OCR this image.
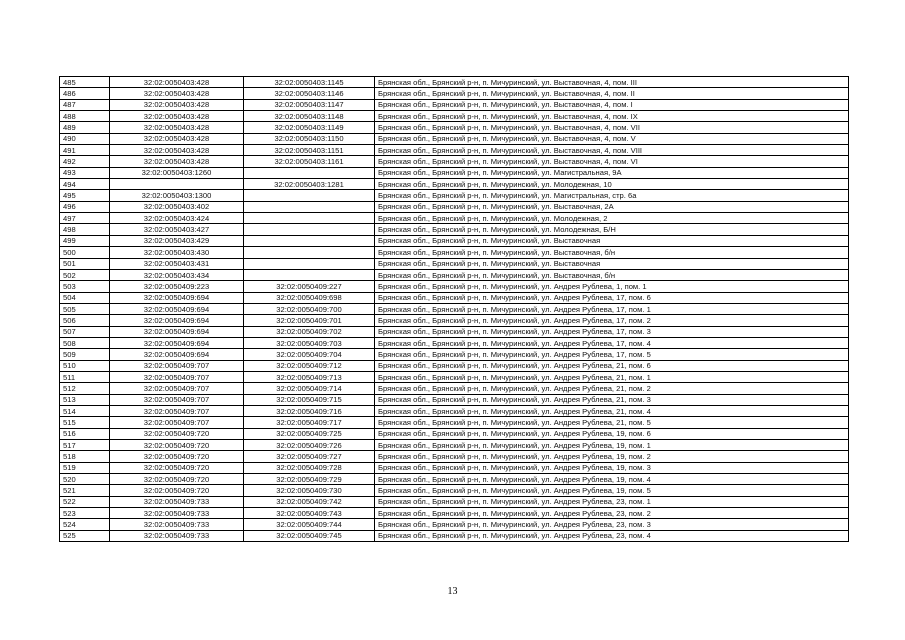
485	32:02:0050403:428	32:02:0050403:1145	Брянская обл., Брянский р-н, п. Мичуринский, ул. Выставочная, 4, пом. III
486	32:02:0050403:428	32:02:0050403:1146	Брянская обл., Брянский р-н, п. Мичуринский, ул. Выставочная, 4, пом. II
487	32:02:0050403:428	32:02:0050403:1147	Брянская обл., Брянский р-н, п. Мичуринский, ул. Выставочная, 4, пом. I
488	32:02:0050403:428	32:02:0050403:1148	Брянская обл., Брянский р-н, п. Мичуринский, ул. Выставочная, 4, пом. IX
489	32:02:0050403:428	32:02:0050403:1149	Брянская обл., Брянский р-н, п. Мичуринский, ул. Выставочная, 4, пом. VII
490	32:02:0050403:428	32:02:0050403:1150	Брянская обл., Брянский р-н, п. Мичуринский, ул. Выставочная, 4, пом. V
491	32:02:0050403:428	32:02:0050403:1151	Брянская обл., Брянский р-н, п. Мичуринский, ул. Выставочная, 4, пом. VIII
492	32:02:0050403:428	32:02:0050403:1161	Брянская обл., Брянский р-н, п. Мичуринский, ул. Выставочная, 4, пом. VI
493	32:02:0050403:1260		Брянская обл., Брянский р-н, п. Мичуринский, ул. Магистральная, 9А
494		32:02:0050403:1281	Брянская обл., Брянский р-н, п. Мичуринский, ул. Молодежная, 10
495	32:02:0050403:1300		Брянская обл., Брянский р-н, п. Мичуринский, ул. Магистральная, стр. 6а
496	32:02:0050403:402		Брянская обл., Брянский р-н, п. Мичуринский, ул. Выставочная, 2А
497	32:02:0050403:424		Брянская обл., Брянский р-н, п. Мичуринский, ул. Молодежная, 2
498	32:02:0050403:427		Брянская обл., Брянский р-н, п. Мичуринский, ул. Молодежная, Б/Н
499	32:02:0050403:429		Брянская обл., Брянский р-н, п. Мичуринский, ул. Выставочная
500	32:02:0050403:430		Брянская обл., Брянский р-н, п. Мичуринский, ул. Выставочная, б/н
501	32:02:0050403:431		Брянская обл., Брянский р-н, п. Мичуринский, ул. Выставочная
502	32:02:0050403:434		Брянская обл., Брянский р-н, п. Мичуринский, ул. Выставочная, б/н
503	32:02:0050409:223	32:02:0050409:227	Брянская обл., Брянский р-н, п. Мичуринский, ул. Андрея Рублева, 1, пом. 1
504	32:02:0050409:694	32:02:0050409:698	Брянская обл., Брянский р-н, п. Мичуринский, ул. Андрея Рублева, 17, пом. 6
505	32:02:0050409:694	32:02:0050409:700	Брянская обл., Брянский р-н, п. Мичуринский, ул. Андрея Рублева, 17, пом. 1
506	32:02:0050409:694	32:02:0050409:701	Брянская обл., Брянский р-н, п. Мичуринский, ул. Андрея Рублева, 17, пом. 2
507	32:02:0050409:694	32:02:0050409:702	Брянская обл., Брянский р-н, п. Мичуринский, ул. Андрея Рублева, 17, пом. 3
508	32:02:0050409:694	32:02:0050409:703	Брянская обл., Брянский р-н, п. Мичуринский, ул. Андрея Рублева, 17, пом. 4
509	32:02:0050409:694	32:02:0050409:704	Брянская обл., Брянский р-н, п. Мичуринский, ул. Андрея Рублева, 17, пом. 5
510	32:02:0050409:707	32:02:0050409:712	Брянская обл., Брянский р-н, п. Мичуринский, ул. Андрея Рублева, 21, пом. 6
511	32:02:0050409:707	32:02:0050409:713	Брянская обл., Брянский р-н, п. Мичуринский, ул. Андрея Рублева, 21, пом. 1
512	32:02:0050409:707	32:02:0050409:714	Брянская обл., Брянский р-н, п. Мичуринский, ул. Андрея Рублева, 21, пом. 2
513	32:02:0050409:707	32:02:0050409:715	Брянская обл., Брянский р-н, п. Мичуринский, ул. Андрея Рублева, 21, пом. 3
514	32:02:0050409:707	32:02:0050409:716	Брянская обл., Брянский р-н, п. Мичуринский, ул. Андрея Рублева, 21, пом. 4
515	32:02:0050409:707	32:02:0050409:717	Брянская обл., Брянский р-н, п. Мичуринский, ул. Андрея Рублева, 21, пом. 5
516	32:02:0050409:720	32:02:0050409:725	Брянская обл., Брянский р-н, п. Мичуринский, ул. Андрея Рублева, 19, пом. 6
517	32:02:0050409:720	32:02:0050409:726	Брянская обл., Брянский р-н, п. Мичуринский, ул. Андрея Рублева, 19, пом. 1
518	32:02:0050409:720	32:02:0050409:727	Брянская обл., Брянский р-н, п. Мичуринский, ул. Андрея Рублева, 19, пом. 2
519	32:02:0050409:720	32:02:0050409:728	Брянская обл., Брянский р-н, п. Мичуринский, ул. Андрея Рублева, 19, пом. 3
520	32:02:0050409:720	32:02:0050409:729	Брянская обл., Брянский р-н, п. Мичуринский, ул. Андрея Рублева, 19, пом. 4
521	32:02:0050409:720	32:02:0050409:730	Брянская обл., Брянский р-н, п. Мичуринский, ул. Андрея Рублева, 19, пом. 5
522	32:02:0050409:733	32:02:0050409:742	Брянская обл., Брянский р-н, п. Мичуринский, ул. Андрея Рублева, 23, пом. 1
523	32:02:0050409:733	32:02:0050409:743	Брянская обл., Брянский р-н, п. Мичуринский, ул. Андрея Рублева, 23, пом. 2
524	32:02:0050409:733	32:02:0050409:744	Брянская обл., Брянский р-н, п. Мичуринский, ул. Андрея Рублева, 23, пом. 3
525	32:02:0050409:733	32:02:0050409:745	Брянская обл., Брянский р-н, п. Мичуринский, ул. Андрея Рублева, 23, пом. 4
13
